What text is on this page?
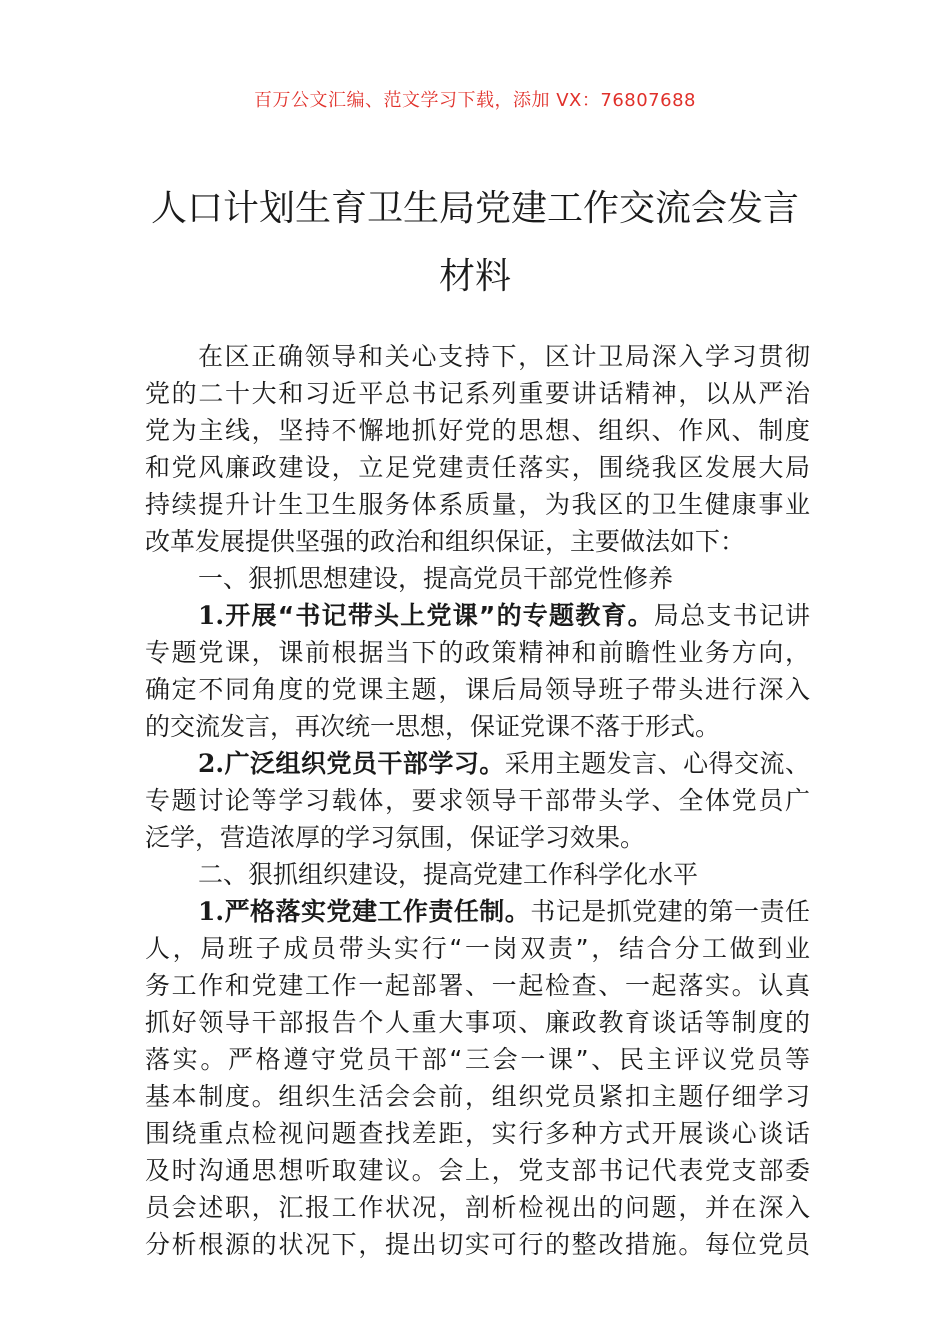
百万公文汇编、范文学习下载，添加 VX：76807688
人口计划生育卫生局党建工作交流会发言
材料
在区正确领导和关心支持下，区计卫局深入学习贯彻
党的二十大和习近平总书记系列重要讲话精神，以从严治
党为主线，坚持不懈地抓好党的思想、组织、作风、制度
和党风廉政建设，立足党建责任落实，围绕我区发展大局
持续提升计生卫生服务体系质量，为我区的卫生健康事业
改革发展提供坚强的政治和组织保证，主要做法如下：
一、狠抓思想建设，提高党员干部党性修养
1.开展“书记带头上党课”的专题教育。局总支书记讲
专题党课，课前根据当下的政策精神和前瞻性业务方向，
确定不同角度的党课主题，课后局领导班子带头进行深入
的交流发言，再次统一思想，保证党课不落于形式。
2.广泛组织党员干部学习。采用主题发言、心得交流、
专题讨论等学习载体，要求领导干部带头学、全体党员广
泛学，营造浓厚的学习氛围，保证学习效果。
二、狠抓组织建设，提高党建工作科学化水平
1.严格落实党建工作责任制。书记是抓党建的第一责任
人，局班子成员带头实行“一岗双责”，结合分工做到业
务工作和党建工作一起部署、一起检查、一起落实。认真
抓好领导干部报告个人重大事项、廉政教育谈话等制度的
落实。严格遵守党员干部“三会一课”、民主评议党员等
基本制度。组织生活会会前，组织党员紧扣主题仔细学习
围绕重点检视问题查找差距，实行多种方式开展谈心谈话
及时沟通思想听取建议。会上，党支部书记代表党支部委
员会述职，汇报工作状况，剖析检视出的问题，并在深入
分析根源的状况下，提出切实可行的整改措施。每位党员
